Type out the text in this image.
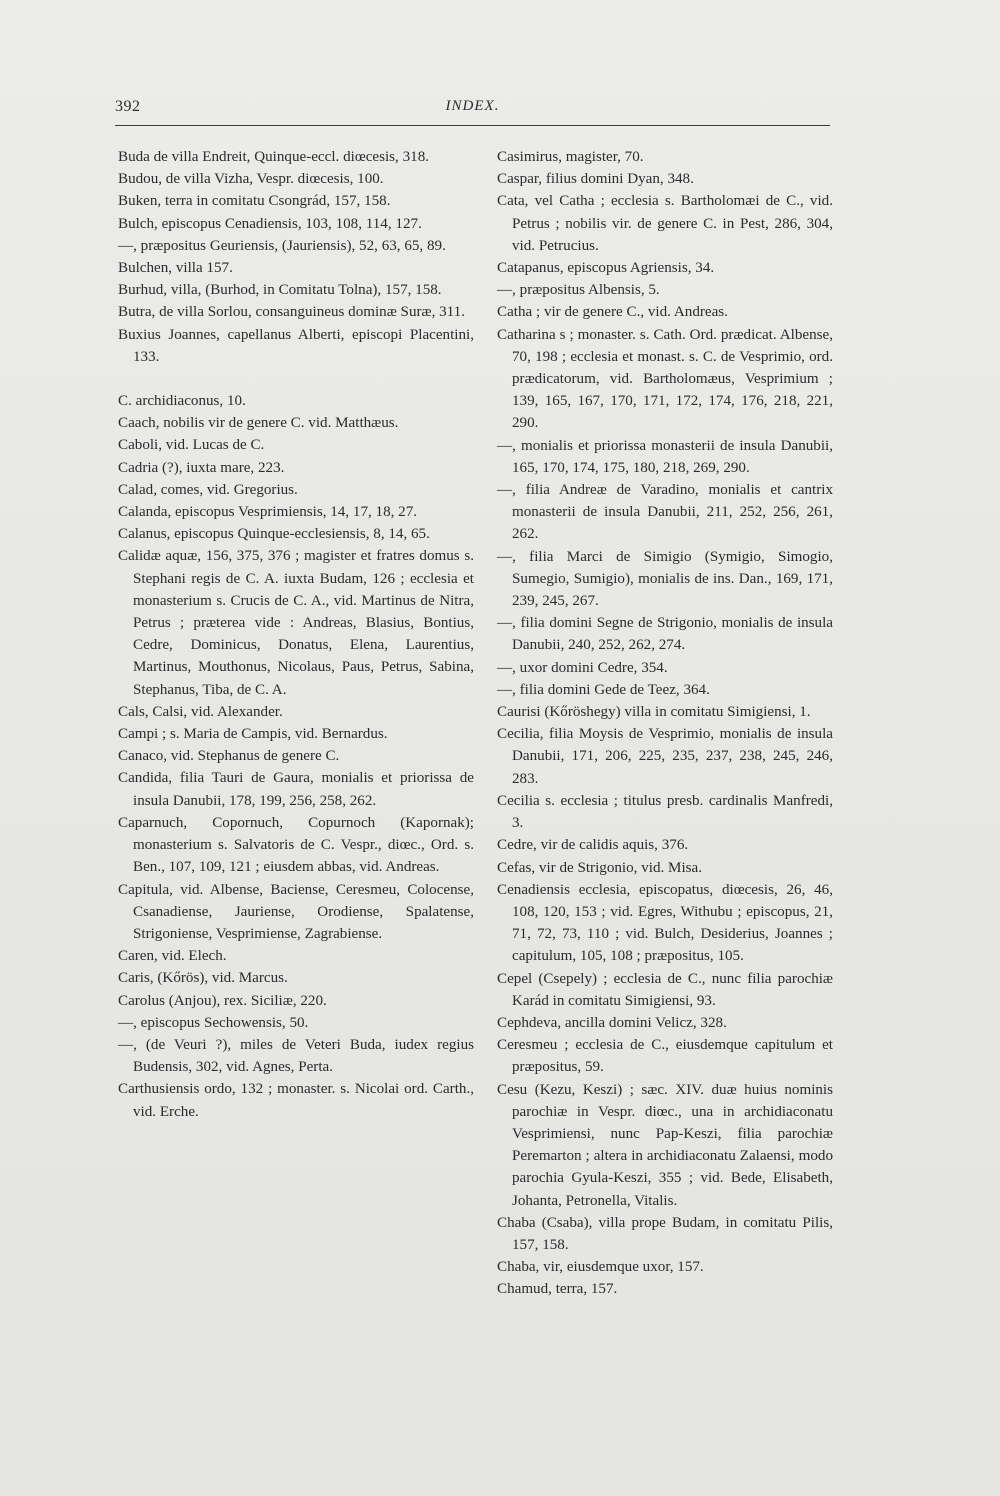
392	INDEX.

Buda de villa Endreit, Quinque-eccl. diœcesis, 318.

Budou, de villa Vizha, Vespr. diœcesis, 100.

Buken, terra in comitatu Csongrád, 157, 158.

Bulch, episcopus Cenadiensis, 103, 108, 114, 127.

—, præpositus Geuriensis, (Jauriensis), 52, 63, 65, 89.

Bulchen, villa 157.

Burhud, villa, (Burhod, in Comitatu Tolna), 157, 158.

Butra, de villa Sorlou, consanguineus dominæ Suræ, 311.

Buxius Joannes, capellanus Alberti, episcopi Placentini, 133.

C. archidiaconus, 10.

Caach, nobilis vir de genere C. vid. Matthæus.

Caboli, vid. Lucas de C.

Cadria (?), iuxta mare, 223.

Calad, comes, vid. Gregorius.

Calanda, episcopus Vesprimiensis, 14, 17, 18, 27.

Calanus, episcopus Quinque-ecclesiensis, 8, 14, 65.

Calidæ aquæ, 156, 375, 376 ; magister et fratres domus s. Stephani regis de C. A. iuxta Budam, 126 ; ecclesia et monasterium s. Crucis de C. A., vid. Martinus de Nitra, Petrus ; præterea vide : Andreas, Blasius, Bontius, Cedre, Dominicus, Donatus, Elena, Laurentius, Martinus, Mouthonus, Nicolaus, Paus, Petrus, Sabina, Stephanus, Tiba, de C. A.

Cals, Calsi, vid. Alexander.

Campi ; s. Maria de Campis, vid. Bernardus.

Canaco, vid. Stephanus de genere C.

Candida, filia Tauri de Gaura, monialis et priorissa de insula Danubii, 178, 199, 256, 258, 262.

Caparnuch, Copornuch, Copurnoch (Kapornak); monasterium s. Salvatoris de C. Vespr., diœc., Ord. s. Ben., 107, 109, 121 ; eiusdem abbas, vid. Andreas.

Capitula, vid. Albense, Baciense, Ceresmeu, Colocense, Csanadiense, Jauriense, Orodiense, Spalatense, Strigoniense, Vesprimiense, Zagrabiense.

Caren, vid. Elech.

Caris, (Kőrös), vid. Marcus.

Carolus (Anjou), rex. Siciliæ, 220.

—, episcopus Sechowensis, 50.

—, (de Veuri ?), miles de Veteri Buda, iudex regius Budensis, 302, vid. Agnes, Perta.

Carthusiensis ordo, 132 ; monaster. s. Nicolai ord. Carth., vid. Erche.

Casimirus, magister, 70.

Caspar, filius domini Dyan, 348.

Cata, vel Catha ; ecclesia s. Bartholomæi de C., vid. Petrus ; nobilis vir. de genere C. in Pest, 286, 304, vid. Petrucius.

Catapanus, episcopus Agriensis, 34.

—, præpositus Albensis, 5.

Catha ; vir de genere C., vid. Andreas.

Catharina s ; monaster. s. Cath. Ord. prædicat. Albense, 70, 198 ; ecclesia et monast. s. C. de Vesprimio, ord. prædicatorum, vid. Bartholomæus, Vesprimium ; 139, 165, 167, 170, 171, 172, 174, 176, 218, 221, 290.

—, monialis et priorissa monasterii de insula Danubii, 165, 170, 174, 175, 180, 218, 269, 290.

—, filia Andreæ de Varadino, monialis et cantrix monasterii de insula Danubii, 211, 252, 256, 261, 262.

—, filia Marci de Simigio (Symigio, Simogio, Sumegio, Sumigio), monialis de ins. Dan., 169, 171, 239, 245, 267.

—, filia domini Segne de Strigonio, monialis de insula Danubii, 240, 252, 262, 274.

—, uxor domini Cedre, 354.

—, filia domini Gede de Teez, 364.

Caurisi (Kőröshegy) villa in comitatu Simigiensi, 1.

Cecilia, filia Moysis de Vesprimio, monialis de insula Danubii, 171, 206, 225, 235, 237, 238, 245, 246, 283.

Cecilia s. ecclesia ; titulus presb. cardinalis Manfredi, 3.

Cedre, vir de calidis aquis, 376.

Cefas, vir de Strigonio, vid. Misa.

Cenadiensis ecclesia, episcopatus, diœcesis, 26, 46, 108, 120, 153 ; vid. Egres, Withubu ; episcopus, 21, 71, 72, 73, 110 ; vid. Bulch, Desiderius, Joannes ; capitulum, 105, 108 ; præpositus, 105.

Cepel (Csepely) ; ecclesia de C., nunc filia parochiæ Karád in comitatu Simigiensi, 93.

Cephdeva, ancilla domini Velicz, 328.

Ceresmeu ; ecclesia de C., eiusdemque capitulum et præpositus, 59.

Cesu (Kezu, Keszi) ; sæc. XIV. duæ huius nominis parochiæ in Vespr. diœc., una in archidiaconatu Vesprimiensi, nunc Pap-Keszi, filia parochiæ Peremarton ; altera in archidiaconatu Zalaensi, modo parochia Gyula-Keszi, 355 ; vid. Bede, Elisabeth, Johanta, Petronella, Vitalis.

Chaba (Csaba), villa prope Budam, in comitatu Pilis, 157, 158.

Chaba, vir, eiusdemque uxor, 157.

Chamud, terra, 157.
